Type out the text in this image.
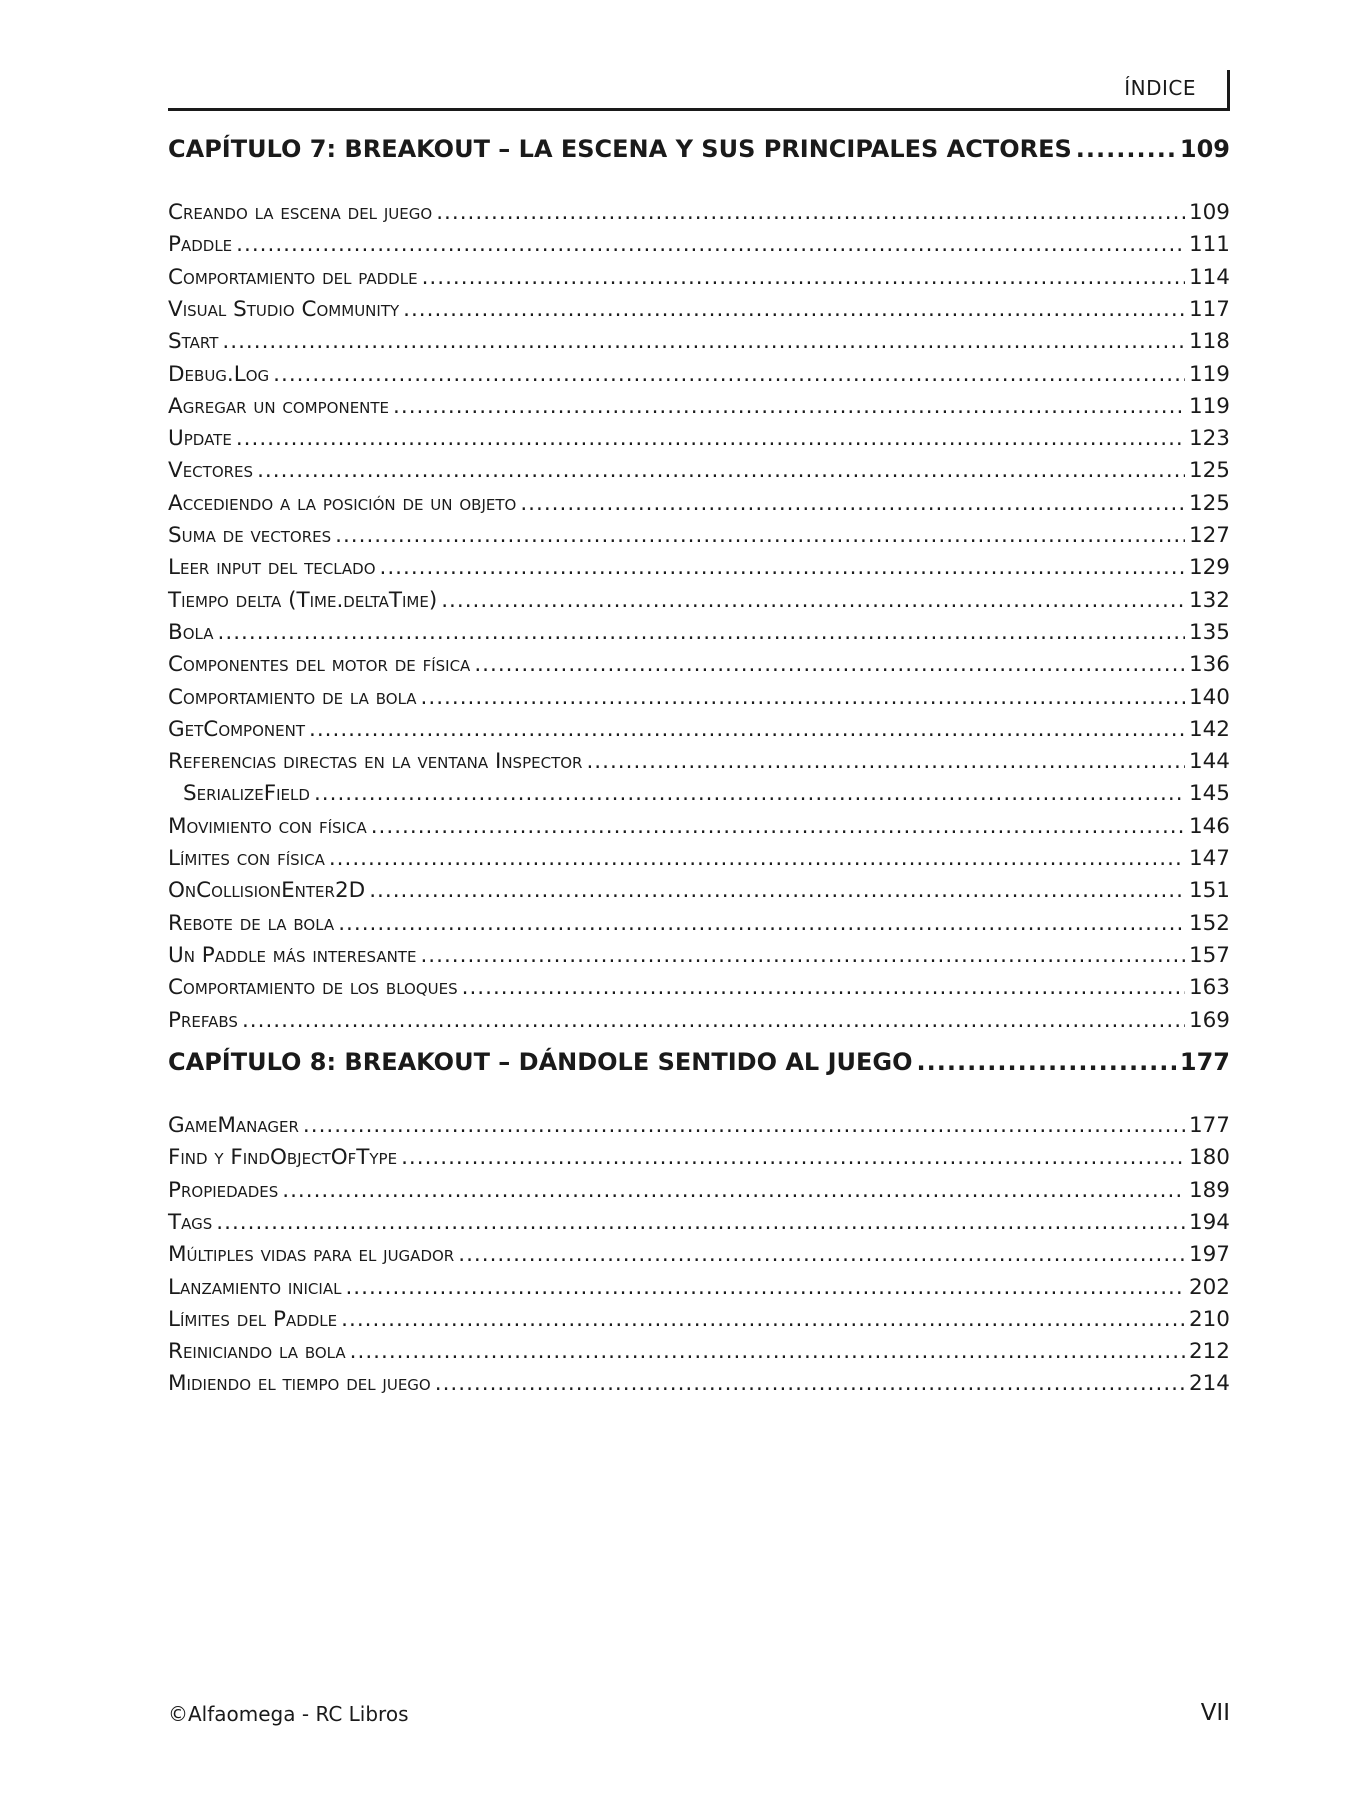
ÍNDICE
CAPÍTULO 7: BREAKOUT – LA ESCENA Y SUS PRINCIPALES ACTORES .....	109
Creando la escena del juego .....	109
Paddle .....	111
Comportamiento del paddle .....	114
Visual Studio Community .....	117
Start .....	118
Debug.Log .....	119
Agregar un componente .....	119
Update .....	123
Vectores .....	125
Accediendo a la posición de un objeto .....	125
Suma de vectores .....	127
Leer input del teclado .....	129
Tiempo delta (Time.deltaTime) .....	132
Bola .....	135
Componentes del motor de física .....	136
Comportamiento de la bola .....	140
GetComponent .....	142
Referencias directas en la ventana Inspector .....	144
SerializeField .....	145
Movimiento con física .....	146
Límites con física .....	147
OnCollisionEnter2D .....	151
Rebote de la bola .....	152
Un Paddle más interesante .....	157
Comportamiento de los bloques .....	163
Prefabs .....	169
CAPÍTULO 8: BREAKOUT – DÁNDOLE SENTIDO AL JUEGO .....	177
GameManager .....	177
Find y FindObjectOfType .....	180
Propiedades .....	189
Tags .....	194
Múltiples vidas para el jugador .....	197
Lanzamiento inicial .....	202
Límites del Paddle .....	210
Reiniciando la bola .....	212
Midiendo el tiempo del juego .....	214
©Alfaomega - RC Libros	VII
